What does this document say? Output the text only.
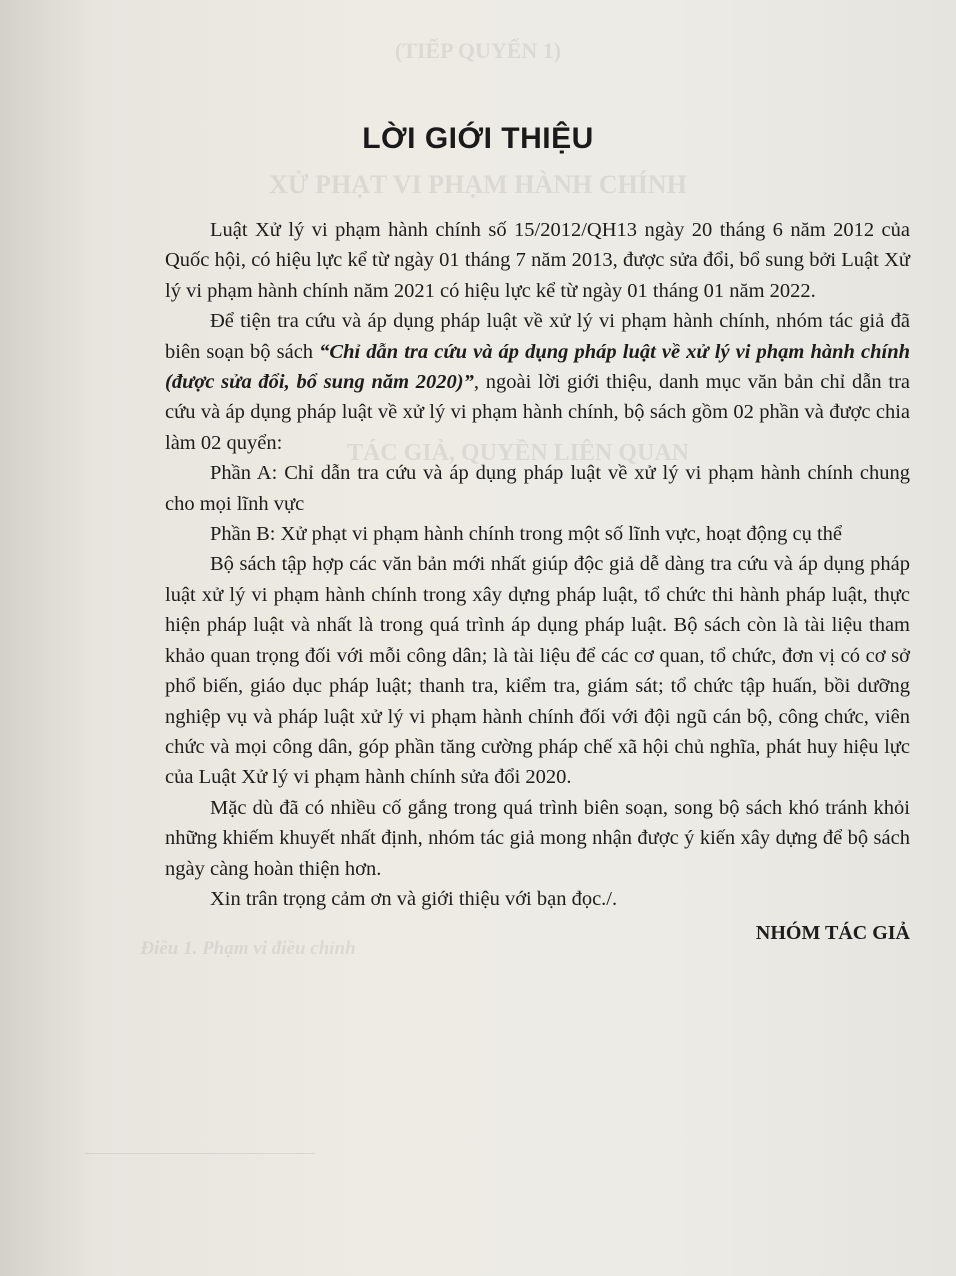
(TIẾP QUYỂN 1)
XỬ PHẠT VI PHẠM HÀNH CHÍNH
TÁC GIẢ, QUYỀN LIÊN QUAN
Điều 1. Phạm vi điều chỉnh
LỜI GIỚI THIỆU

Luật Xử lý vi phạm hành chính số 15/2012/QH13 ngày 20 tháng 6 năm 2012 của Quốc hội, có hiệu lực kể từ ngày 01 tháng 7 năm 2013, được sửa đổi, bổ sung bởi Luật Xử lý vi phạm hành chính năm 2021 có hiệu lực kể từ ngày 01 tháng 01 năm 2022.

Để tiện tra cứu và áp dụng pháp luật về xử lý vi phạm hành chính, nhóm tác giả đã biên soạn bộ sách “Chỉ dẫn tra cứu và áp dụng pháp luật về xử lý vi phạm hành chính (được sửa đổi, bổ sung năm 2020)”, ngoài lời giới thiệu, danh mục văn bản chỉ dẫn tra cứu và áp dụng pháp luật về xử lý vi phạm hành chính, bộ sách gồm 02 phần và được chia làm 02 quyển:

Phần A: Chỉ dẫn tra cứu và áp dụng pháp luật về xử lý vi phạm hành chính chung cho mọi lĩnh vực

Phần B: Xử phạt vi phạm hành chính trong một số lĩnh vực, hoạt động cụ thể

Bộ sách tập hợp các văn bản mới nhất giúp độc giả dễ dàng tra cứu và áp dụng pháp luật xử lý vi phạm hành chính trong xây dựng pháp luật, tổ chức thi hành pháp luật, thực hiện pháp luật và nhất là trong quá trình áp dụng pháp luật. Bộ sách còn là tài liệu tham khảo quan trọng đối với mỗi công dân; là tài liệu để các cơ quan, tổ chức, đơn vị có cơ sở phổ biến, giáo dục pháp luật; thanh tra, kiểm tra, giám sát; tổ chức tập huấn, bồi dưỡng nghiệp vụ và pháp luật xử lý vi phạm hành chính đối với đội ngũ cán bộ, công chức, viên chức và mọi công dân, góp phần tăng cường pháp chế xã hội chủ nghĩa, phát huy hiệu lực của Luật Xử lý vi phạm hành chính sửa đổi 2020.

Mặc dù đã có nhiều cố gắng trong quá trình biên soạn, song bộ sách khó tránh khỏi những khiếm khuyết nhất định, nhóm tác giả mong nhận được ý kiến xây dựng để bộ sách ngày càng hoàn thiện hơn.

Xin trân trọng cảm ơn và giới thiệu với bạn đọc./.

NHÓM TÁC GIẢ
